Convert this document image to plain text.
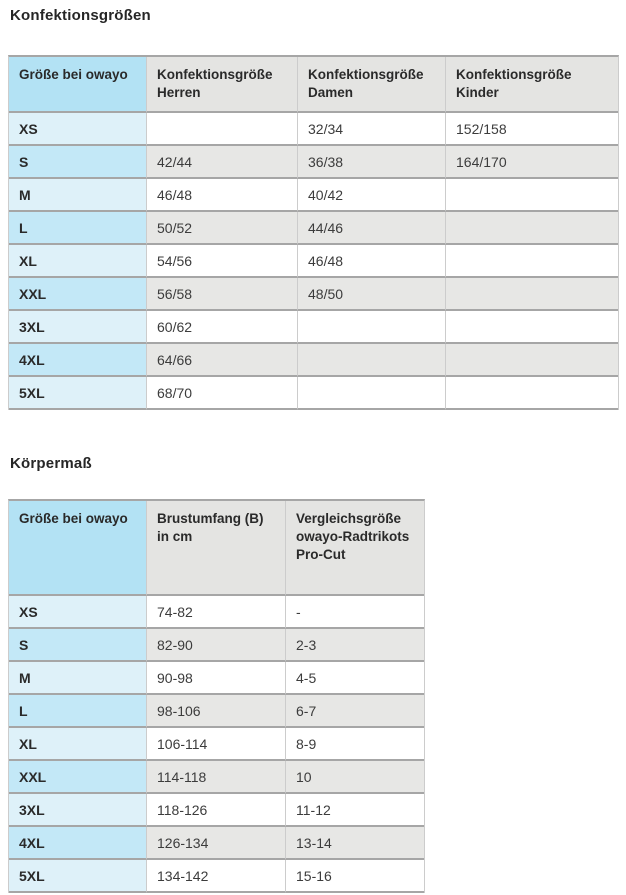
Konfektionsgrößen
Größe bei owayo	Konfektionsgröße Herren	Konfektionsgröße Damen	Konfektionsgröße Kinder
XS		32/34	152/158
S	42/44	36/38	164/170
M	46/48	40/42	
L	50/52	44/46	
XL	54/56	46/48	
XXL	56/58	48/50	
3XL	60/62		
4XL	64/66		
5XL	68/70		
Körpermaß
Größe bei owayo	Brustumfang (B) in cm	Vergleichsgröße owayo-Radtrikots Pro-Cut
XS	74-82	-
S	82-90	2-3
M	90-98	4-5
L	98-106	6-7
XL	106-114	8-9
XXL	114-118	10
3XL	118-126	11-12
4XL	126-134	13-14
5XL	134-142	15-16
